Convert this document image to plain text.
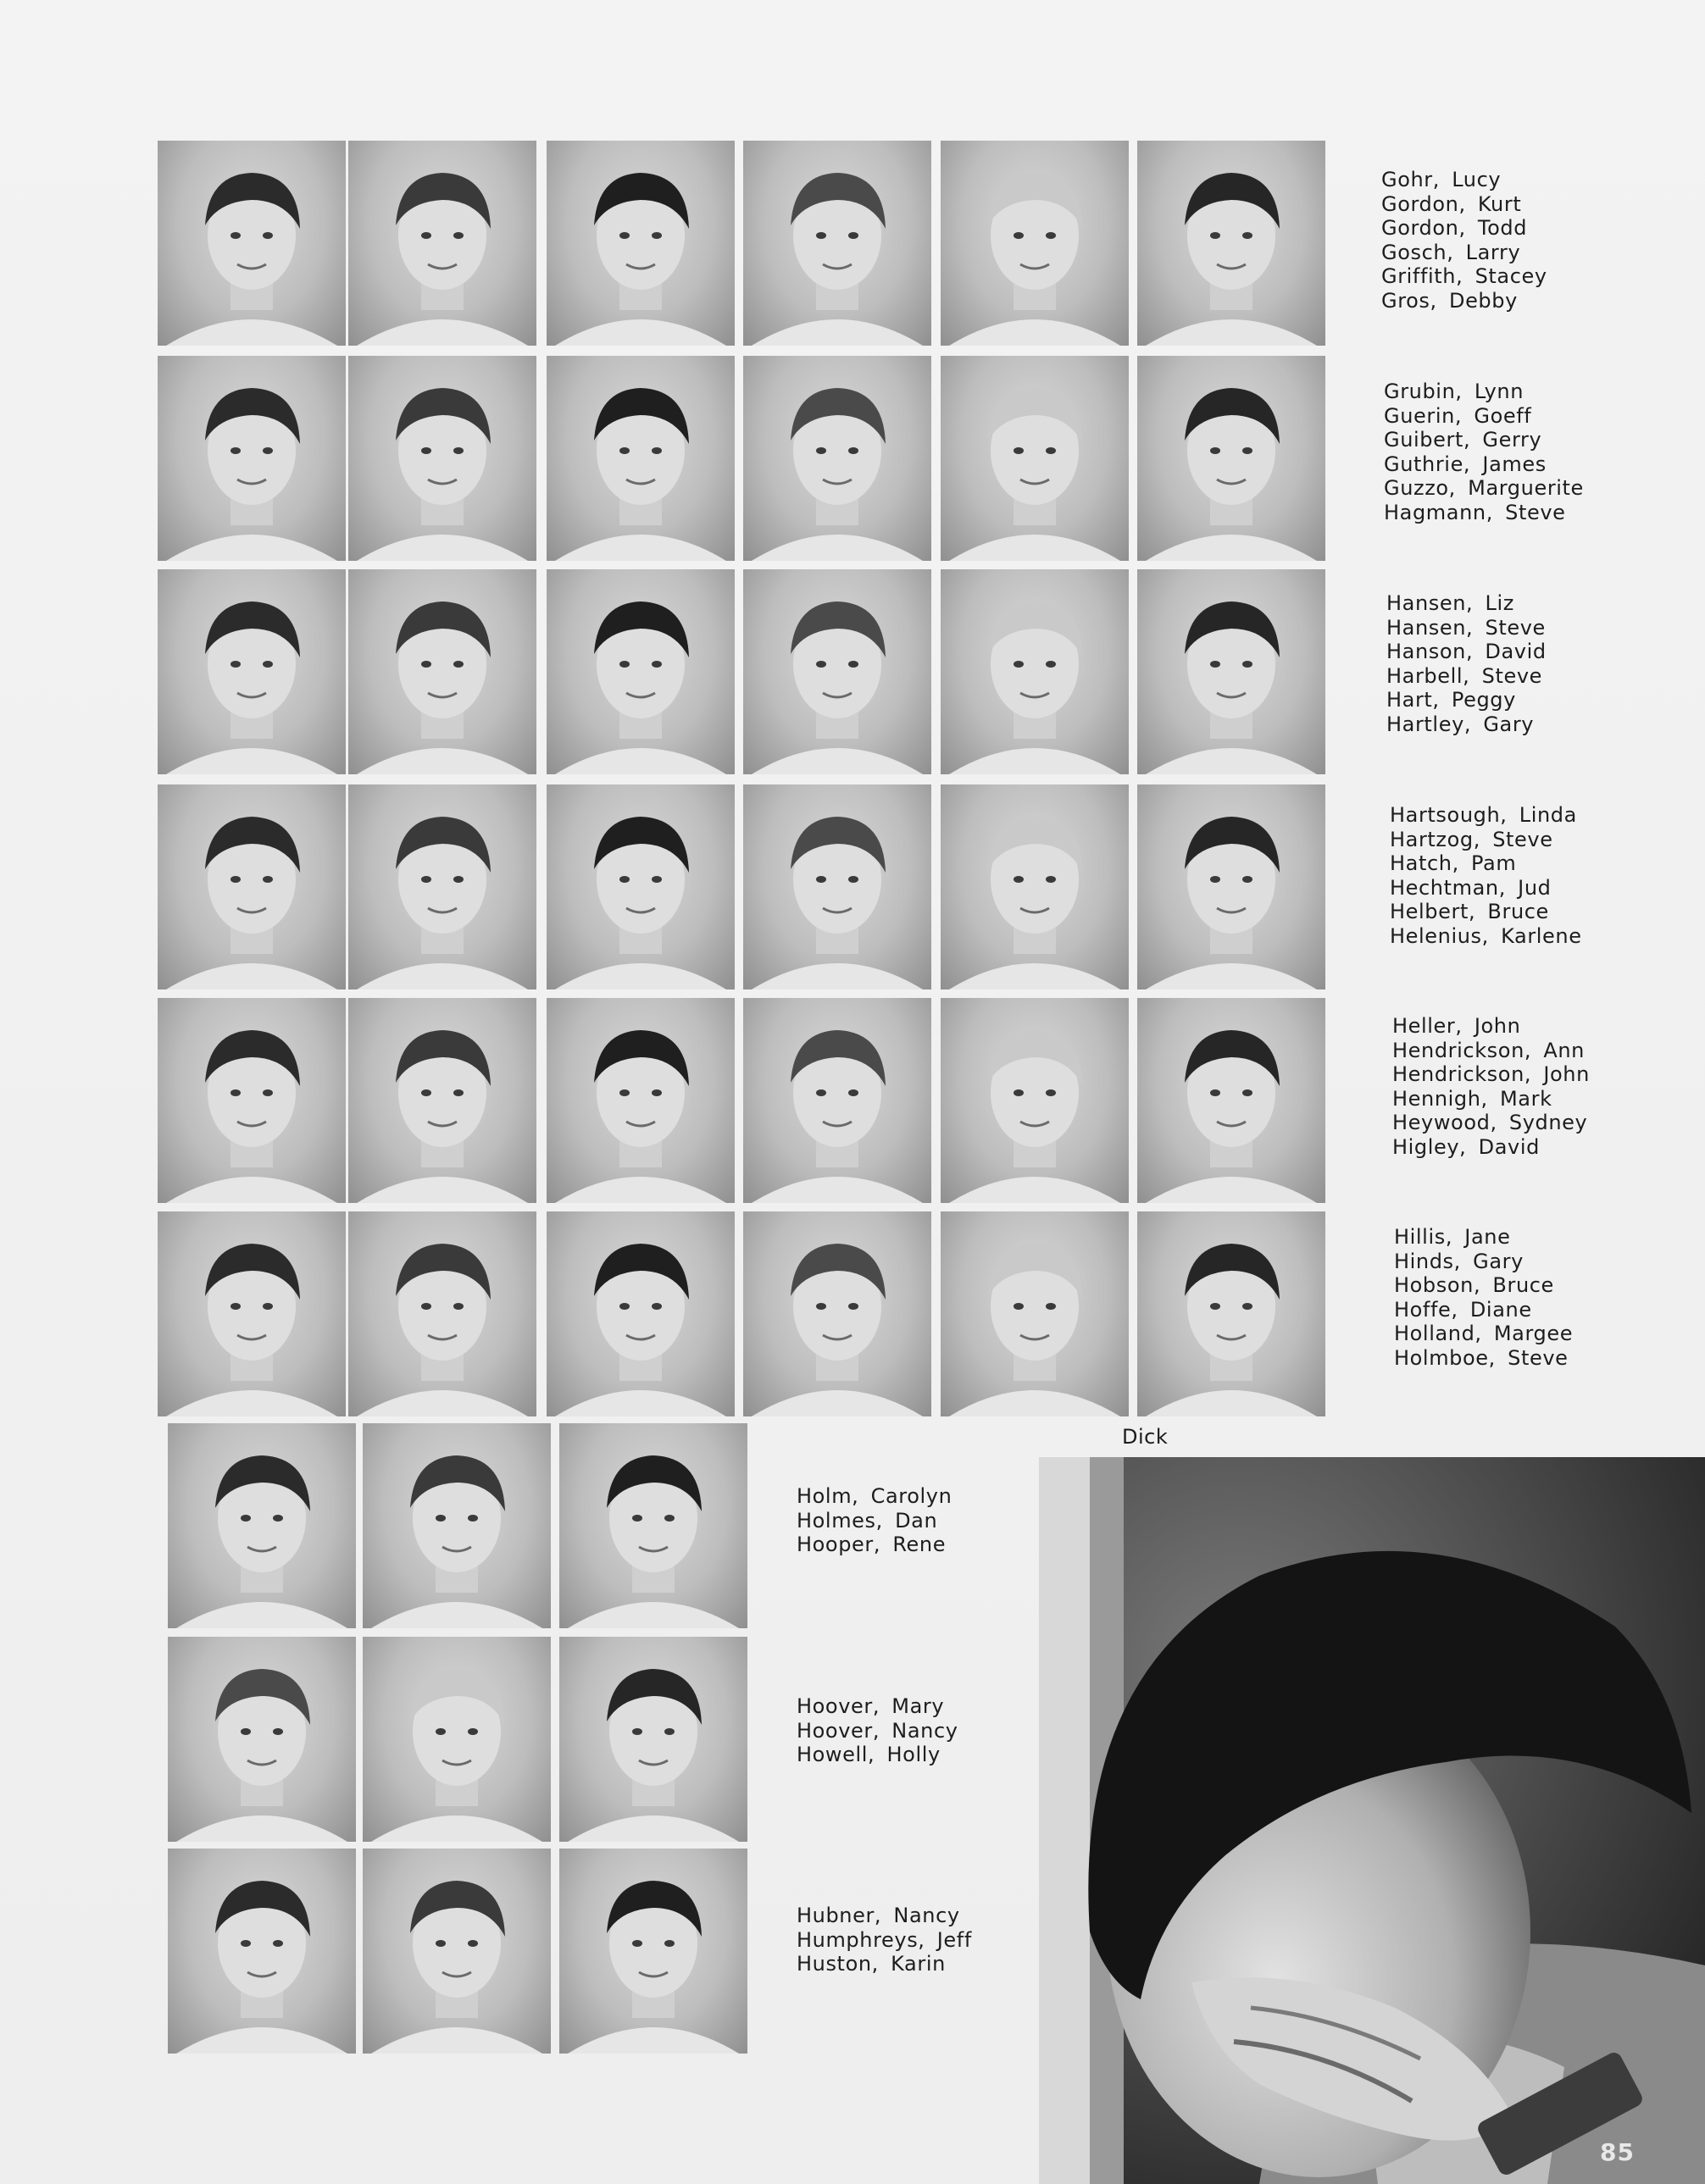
Gohr, Lucy
Gordon, Kurt
Gordon, Todd
Gosch, Larry
Griffith, Stacey
Gros, Debby
Grubin, Lynn
Guerin, Goeff
Guibert, Gerry
Guthrie, James
Guzzo, Marguerite
Hagmann, Steve
Hansen, Liz
Hansen, Steve
Hanson, David
Harbell, Steve
Hart, Peggy
Hartley, Gary
Hartsough, Linda
Hartzog, Steve
Hatch, Pam
Hechtman, Jud
Helbert, Bruce
Helenius, Karlene
Heller, John
Hendrickson, Ann
Hendrickson, John
Hennigh, Mark
Heywood, Sydney
Higley, David
Hillis, Jane
Hinds, Gary
Hobson, Bruce
Hoffe, Diane
Holland, Margee
Holmboe, Steve
Holm, Carolyn
Holmes, Dan
Hooper, Rene
Hoover, Mary
Hoover, Nancy
Howell, Holly
Hubner, Nancy
Humphreys, Jeff
Huston, Karin
Dick
85
